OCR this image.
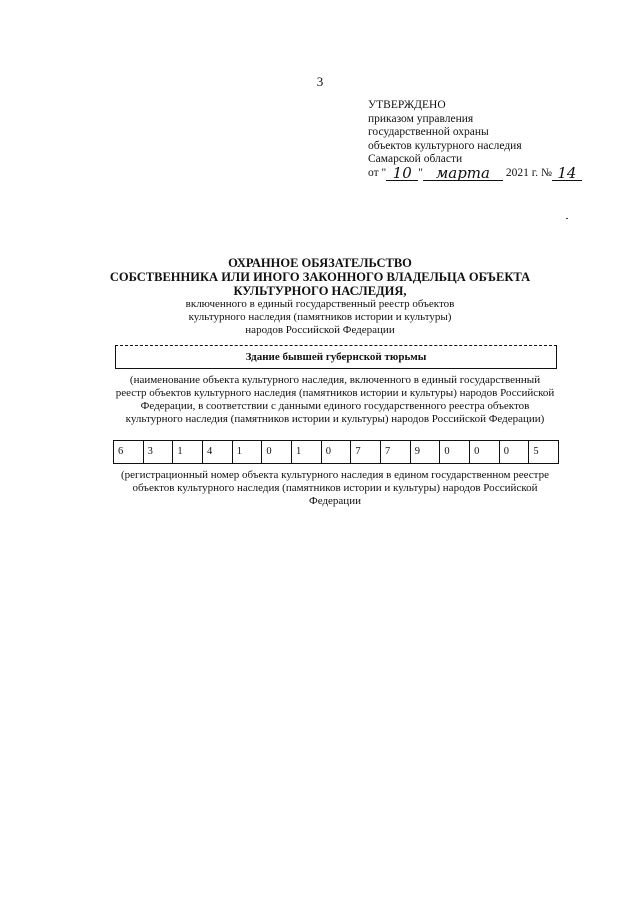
3
УТВЕРЖДЕНО
приказом управления
государственной охраны
объектов культурного наследия
Самарской области
от " 10 " марта	2021 г. № 14
ОХРАННОЕ ОБЯЗАТЕЛЬСТВО
СОБСТВЕННИКА ИЛИ ИНОГО ЗАКОННОГО ВЛАДЕЛЬЦА ОБЪЕКТА
КУЛЬТУРНОГО НАСЛЕДИЯ,
включенного в единый государственный реестр объектов
культурного наследия (памятников истории и культуры)
народов Российской Федерации
Здание бывшей губернской тюрьмы
(наименование объекта культурного наследия, включенного в единый государственный
реестр объектов культурного наследия (памятников истории и культуры) народов Российской
Федерации, в соответствии с данными единого государственного реестра объектов
культурного наследия (памятников истории и культуры) народов Российской Федерации)
6	3	1	4	1	0	1	0	7	7	9	0	0	0	5
(регистрационный номер объекта культурного наследия в едином государственном реестре
объектов культурного наследия (памятников истории и культуры) народов Российской
Федерации
